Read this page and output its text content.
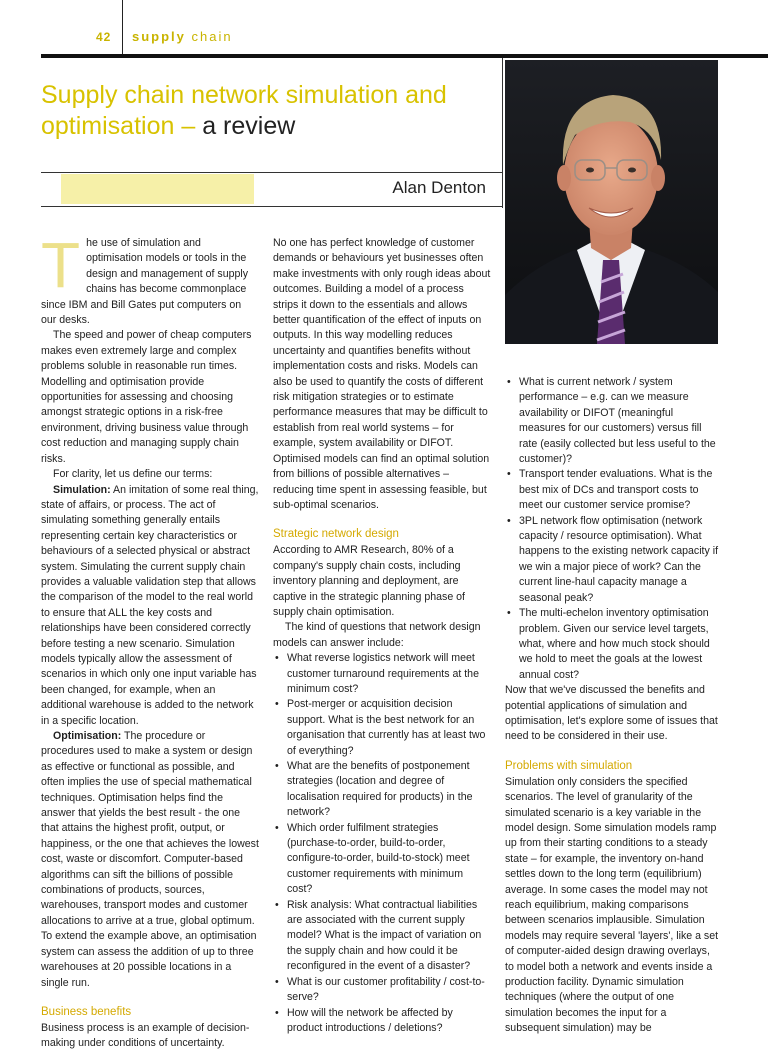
42 supply chain
Supply chain network simulation and optimisation – a review
Alan Denton

The use of simulation and optimisation models or tools in the design and management of supply chains has become commonplace since IBM and Bill Gates put computers on our desks.

The speed and power of cheap computers makes even extremely large and complex problems soluble in reasonable run times. Modelling and optimisation provide opportunities for assessing and choosing amongst strategic options in a risk-free environment, driving business value through cost reduction and managing supply chain risks.

For clarity, let us define our terms:

Simulation: An imitation of some real thing, state of affairs, or process. The act of simulating something generally entails representing certain key characteristics or behaviours of a selected physical or abstract system. Simulating the current supply chain provides a valuable validation step that allows the comparison of the model to the real world to ensure that ALL the key costs and relationships have been considered correctly before testing a new scenario. Simulation models typically allow the assessment of scenarios in which only one input variable has been changed, for example, when an additional warehouse is added to the network in a specific location.

Optimisation: The procedure or procedures used to make a system or design as effective or functional as possible, and often implies the use of special mathematical techniques. Optimisation helps find the answer that yields the best result - the one that attains the highest profit, output, or happiness, or the one that achieves the lowest cost, waste or discomfort. Computer-based algorithms can sift the billions of possible combinations of products, sources, warehouses, transport modes and customer allocations to arrive at a true, global optimum. To extend the example above, an optimisation system can assess the addition of up to three warehouses at 20 possible locations in a single run.

Business benefits

Business process is an example of decision-making under conditions of uncertainty.

No one has perfect knowledge of customer demands or behaviours yet businesses often make investments with only rough ideas about outcomes. Building a model of a process strips it down to the essentials and allows better quantification of the effect of inputs on outputs. In this way modelling reduces uncertainty and quantifies benefits without implementation costs and risks. Models can also be used to quantify the costs of different risk mitigation strategies or to estimate performance measures that may be difficult to establish from real world systems – for example, system availability or DIFOT. Optimised models can find an optimal solution from billions of possible alternatives – reducing time spent in assessing feasible, but sub-optimal scenarios.

Strategic network design

According to AMR Research, 80% of a company's supply chain costs, including inventory planning and deployment, are captive in the strategic planning phase of supply chain optimisation.

The kind of questions that network design models can answer include:

• What reverse logistics network will meet customer turnaround requirements at the minimum cost?
• Post-merger or acquisition decision support. What is the best network for an organisation that currently has at least two of everything?
• What are the benefits of postponement strategies (location and degree of localisation required for products) in the network?
• Which order fulfilment strategies (purchase-to-order, build-to-order, configure-to-order, build-to-stock) meet customer requirements with minimum cost?
• Risk analysis: What contractual liabilities are associated with the current supply model? What is the impact of variation on the supply chain and how could it be reconfigured in the event of a disaster?
• What is our customer profitability / cost-to-serve?
• How will the network be affected by product introductions / deletions?
• What is current network / system performance – e.g. can we measure availability or DIFOT (meaningful measures for our customers) versus fill rate (easily collected but less useful to the customer)?
• Transport tender evaluations. What is the best mix of DCs and transport costs to meet our customer service promise?
• 3PL network flow optimisation (network capacity / resource optimisation). What happens to the existing network capacity if we win a major piece of work? Can the current line-haul capacity manage a seasonal peak?
• The multi-echelon inventory optimisation problem. Given our service level targets, what, where and how much stock should we hold to meet the goals at the lowest annual cost?

Now that we've discussed the benefits and potential applications of simulation and optimisation, let's explore some of issues that need to be considered in their use.

Problems with simulation

Simulation only considers the specified scenarios. The level of granularity of the simulated scenario is a key variable in the model design. Some simulation models ramp up from their starting conditions to a steady state – for example, the inventory on-hand settles down to the long term (equilibrium) average. In some cases the model may not reach equilibrium, making comparisons between scenarios implausible. Simulation models may require several 'layers', like a set of computer-aided design drawing overlays, to model both a network and events inside a production facility. Dynamic simulation techniques (where the output of one simulation becomes the input for a subsequent simulation) may be
